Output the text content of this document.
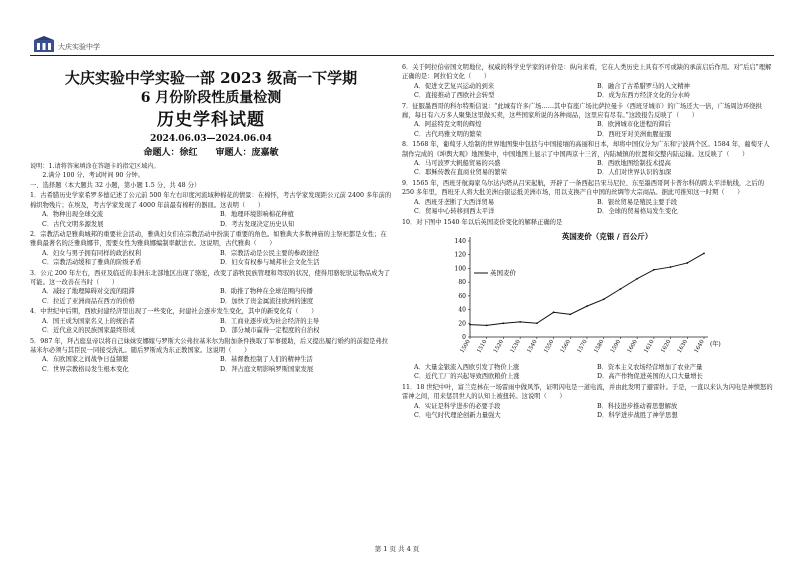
大庆实验中学
大庆实验中学实验一部 2023 级高一下学期
6 月份阶段性质量检测
历史学科试题
2024.06.03—2024.06.04
命题人：徐红　　审题人：庞嘉敏
说明：1.请将答案填涂在答题卡的指定区域内。
　　2.满分 100 分，考试时间 90 分钟。
一、选择题（本大题共 32 小题，第小题 1.5 分，共 48 分）

1．古希腊历史学家希罗多德记述了公元前 500 年左右印度河流域种棉花的情景：在棉怀，考古学家发现距公元前 2400 多年前的棉织物残片；在埃及，考古学家发现了 4000 年前最有棉籽的器皿。这表明（　　）

A．物种出现全球交流	B．地理环境影响棉花种植
C．古代文明多源发展	D．考古发现决定历史认知

2．宗教活动是雅典城邦的重要社会活动，雅典妇女们在宗教活动中扮演了重要的角色。如雅典大多数神庙的主祭祀都是女性；在雅典最著名的泛雅典娜节，需要女性为雅典娜编制率献法衣。这说明，古代雅典（　　）

A．妇女与男子拥有同样的政治权利	B．宗教活动是公民主要的参政途径
C．宗教活动缓和了雅典的阶级矛盾	D．妇女有权参与城邦社会文化生活

3．公元 200 年左右，西亚及临近的非洲东北部地区出现了骆驼，改变了游牧民族管理和驾驭的状况，使得用骆驼驮运物品成为了可能。这一改善在当时（　　）

A．减轻了地理障碍对交流的阻滞	B．助推了物种在全球范围内传播
C．拉近了亚洲商品在西方的价格	D．加快了贵金属流往欧洲的速度

4．中世纪中后期，西欧封建经济里出现了一些变化，封建社会逐步发生变化，其中的新变化有（　　）

A．国王成为国家名义上的统治者	B．工商业逐步成为社会经济的主导
C．近代意义的民族国家最终形成	D．部分城市赢得一定程度的自治权

5．987 年，拜占庭皇帝以将自己妹妹安娜嫁与罗斯大公弗拉基米尔为附加条件换取了军事援助，后又提出履行婚约的前提是弗拉基米尔必须与其臣民一同接受洗礼。随后罗斯成为东正教国家。这说明（　　）

A．东欧国家之间战争日益频繁	B．基督教控制了人们的精神生活
C．世界宗教格局发生根本变化	D．拜占庭文明影响罗斯国家发展

6．关于阿拉伯帝国文明地位，权威的科学史学家的评价是：纵向来看，它在人类历史上具有不可或缺的承前启后作用。对“后启”理解正确的是：阿拉伯文化（　　）

A．促进文艺复兴运动的到来	B．融合了古希腊罗马的人文精神
C．直接推动了西欧社会转型	D．成为东西方经济文化的分水岭

7．征服墨西哥的科尔特斯信说：“此城有许多广场……其中有座广场比萨拉曼卡（西班牙城市）的广场还大一倍，广场周边环绕拱廊，每日有六万多人聚集这里做买卖，这些国家所说的各种商品，这里应有尽有。”这段报告反映了（　　）

A．阿兹特克文明的辉煌	B．欧洲城市化进程的滞后
C．古代玛雅文明的繁荣	D．西班牙对美洲血腥征服

8．1568 年，葡萄牙人绘制的世界地图集中包括与中国接壤的高丽和日本，却将中国仅分为广东和宁波两个区。1584 年，葡萄牙人制作完成的《坤舆大观》地图集中，中国地图上显示了中国两京十三省，内陆城镇的位置和交整内陆运输。这反映了（　　）

A．马可波罗大帆船贸易的兴盛	B．西欧地图绘制技术提高
C．耶稣传教在直商业贸易的繁荣	D．人们对世界认识的加深

9．1565 年，西班牙航海家乌尔达内塔从吕宋起航，开辟了一条西起吕宋马尼拉、东至墨西哥阿卡普尔科的跨太平洋航线，之后的 250 多年里，西班牙人将大批美洲白银运抵美洲市场，用以支换产自中国的丝绸等大宗商品。据此可推知这一时期（　　）

A．西班牙垄断了大西洋贸易	B．银丝贸易是殖民主要手段
C．贸易中心转移到西太平洋	D．全球的贸易格局发生变化

10．对下图中 1540 年以后英国麦价变化的解释正确的是

0
20
40
60
80
100
120
140
1500 1510 1520 1530 1540 1550 1560 1570 1580 1590 1600 1610 1620 1630 1640 (年)
英国麦价（克银 / 百公斤）
英国麦价
A．大量金银流入西欧引发了物价上涨	B．资本主义农场经营增加了农业产量
C．近代工厂的兴起导致西欧粮价上涨	D．高产作物促进英国的人口大量增长

11．18 世纪中叶，富兰克林在一场雷雨中做风筝，证明闪电是一道电流，并由此发明了避雷针。于是，一直以来认为闪电是神愤怒的雷神之间，用来惩罚世人的认知上被扭转。这说明（　　）

A．实证是科学进步的必要手段	B．科技进步推动着思想解放
C．电气时代理论创新力量强大	D．科学进步战胜了神学思想
第 1 页 共 4 页
